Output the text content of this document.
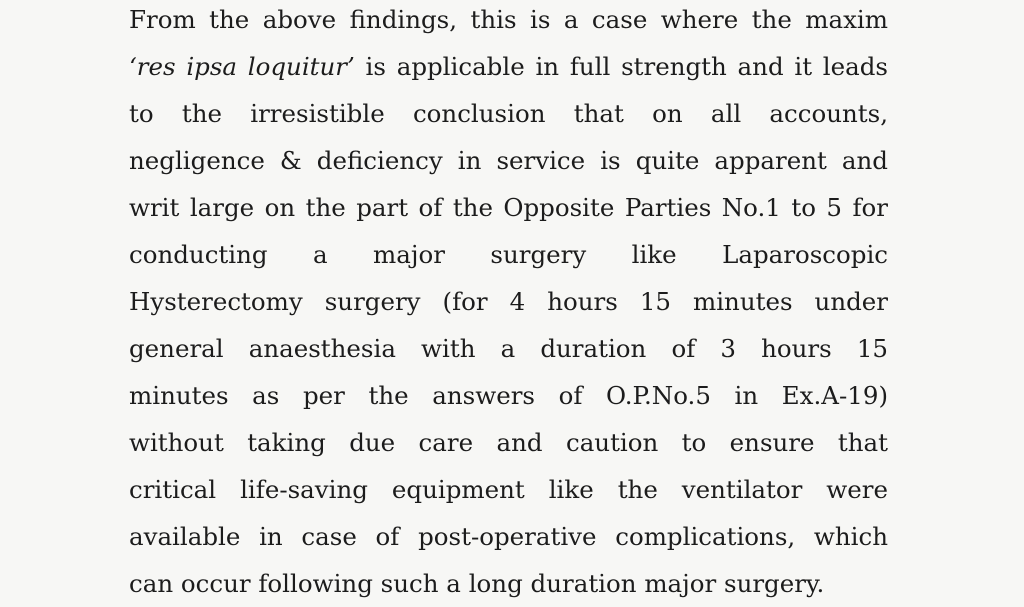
From the above findings, this is a case where the maxim
‘res ipsa loquitur’ is applicable in full strength and it leads
to the irresistible conclusion that on all accounts,
negligence & deficiency in service is quite apparent and
writ large on the part of the Opposite Parties No.1 to 5 for
conducting a major surgery like Laparoscopic
Hysterectomy surgery (for 4 hours 15 minutes under
general anaesthesia with a duration of 3 hours 15
minutes as per the answers of O.P.No.5 in Ex.A-19)
without taking due care and caution to ensure that
critical life-saving equipment like the ventilator were
available in case of post-operative complications, which
can occur following such a long duration major surgery.
